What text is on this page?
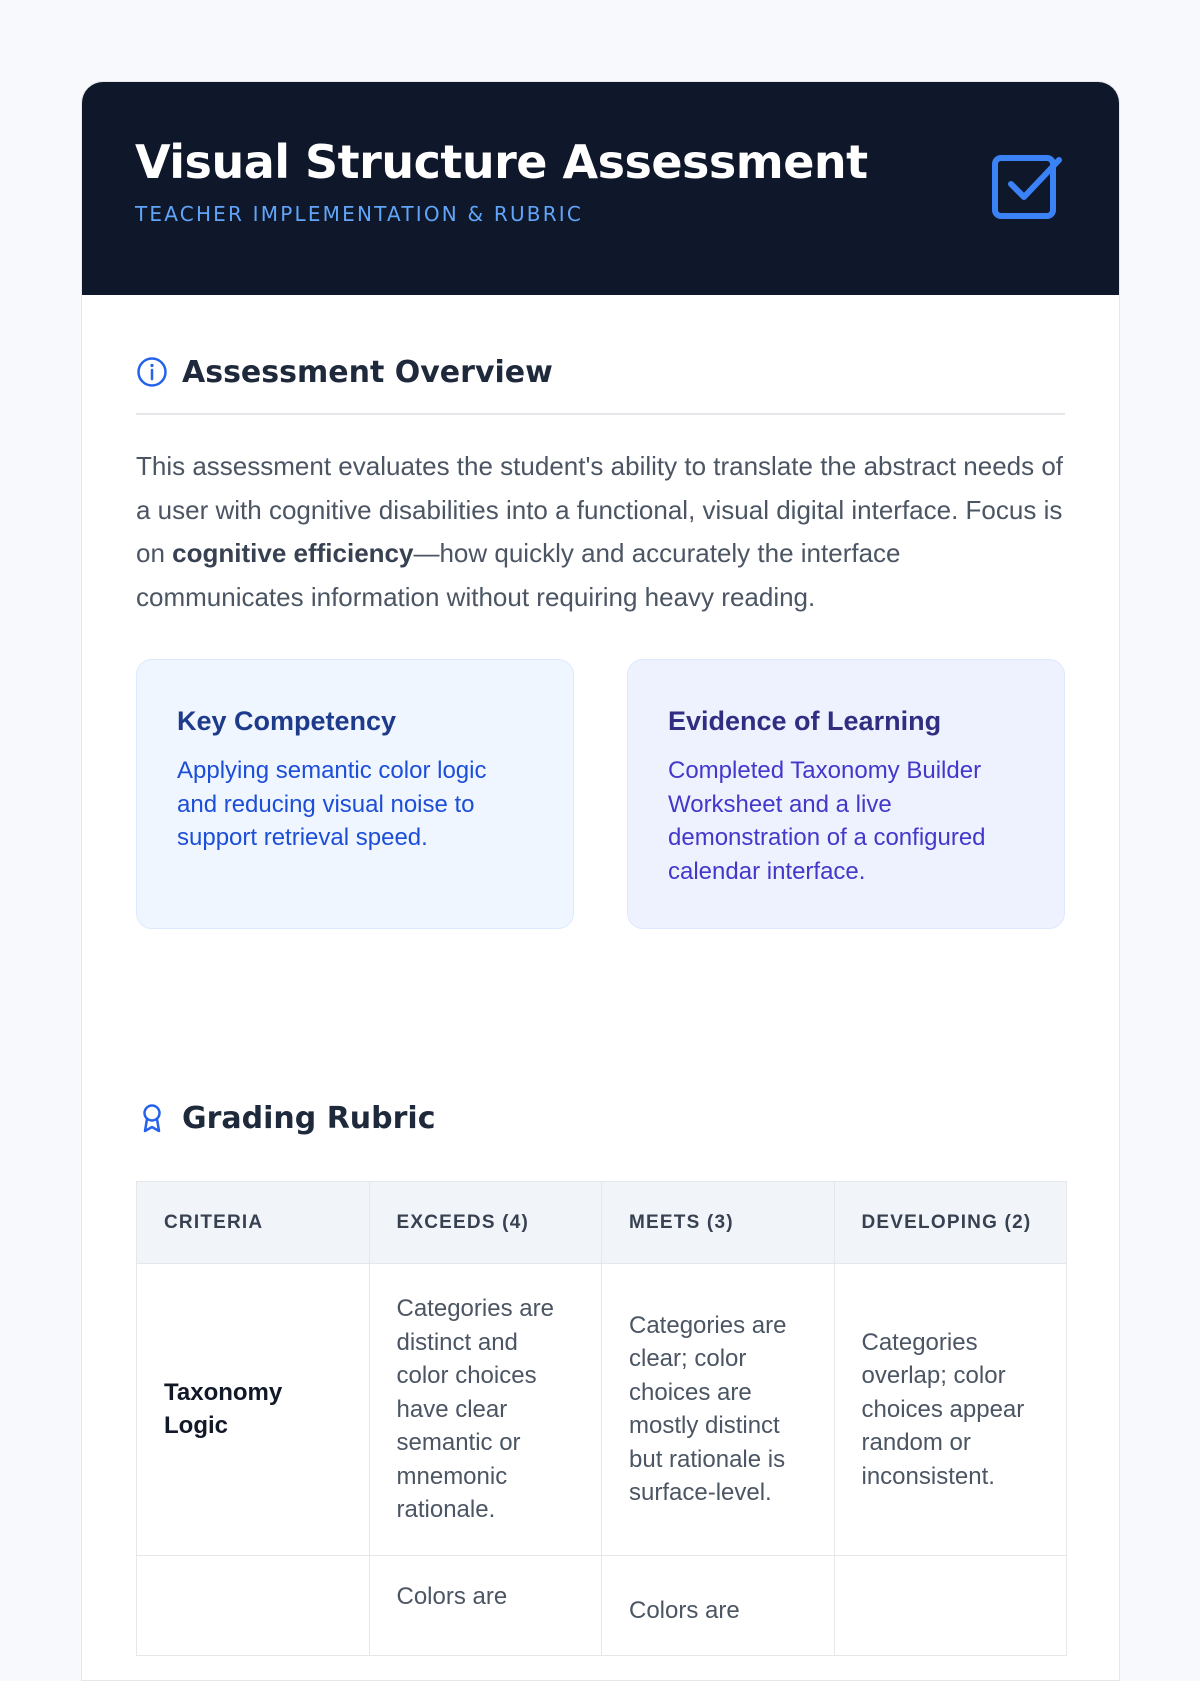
Visual Structure Assessment
TEACHER IMPLEMENTATION & RUBRIC
Assessment Overview

This assessment evaluates the student's ability to translate the abstract needs of a user with cognitive disabilities into a functional, visual digital interface. Focus is on cognitive efficiency—how quickly and accurately the interface communicates information without requiring heavy reading.

Key Competency

Applying semantic color logic and reducing visual noise to support retrieval speed.

Evidence of Learning

Completed Taxonomy Builder Worksheet and a live demonstration of a configured calendar interface.

Grading Rubric
CRITERIA	EXCEEDS (4)	MEETS (3)	DEVELOPING (2)
Taxonomy Logic	Categories are distinct and color choices have clear semantic or mnemonic rationale.	Categories are clear; color choices are mostly distinct but rationale is surface-level.	Categories overlap; color choices appear random or inconsistent.
	Colors are	Colors are	
